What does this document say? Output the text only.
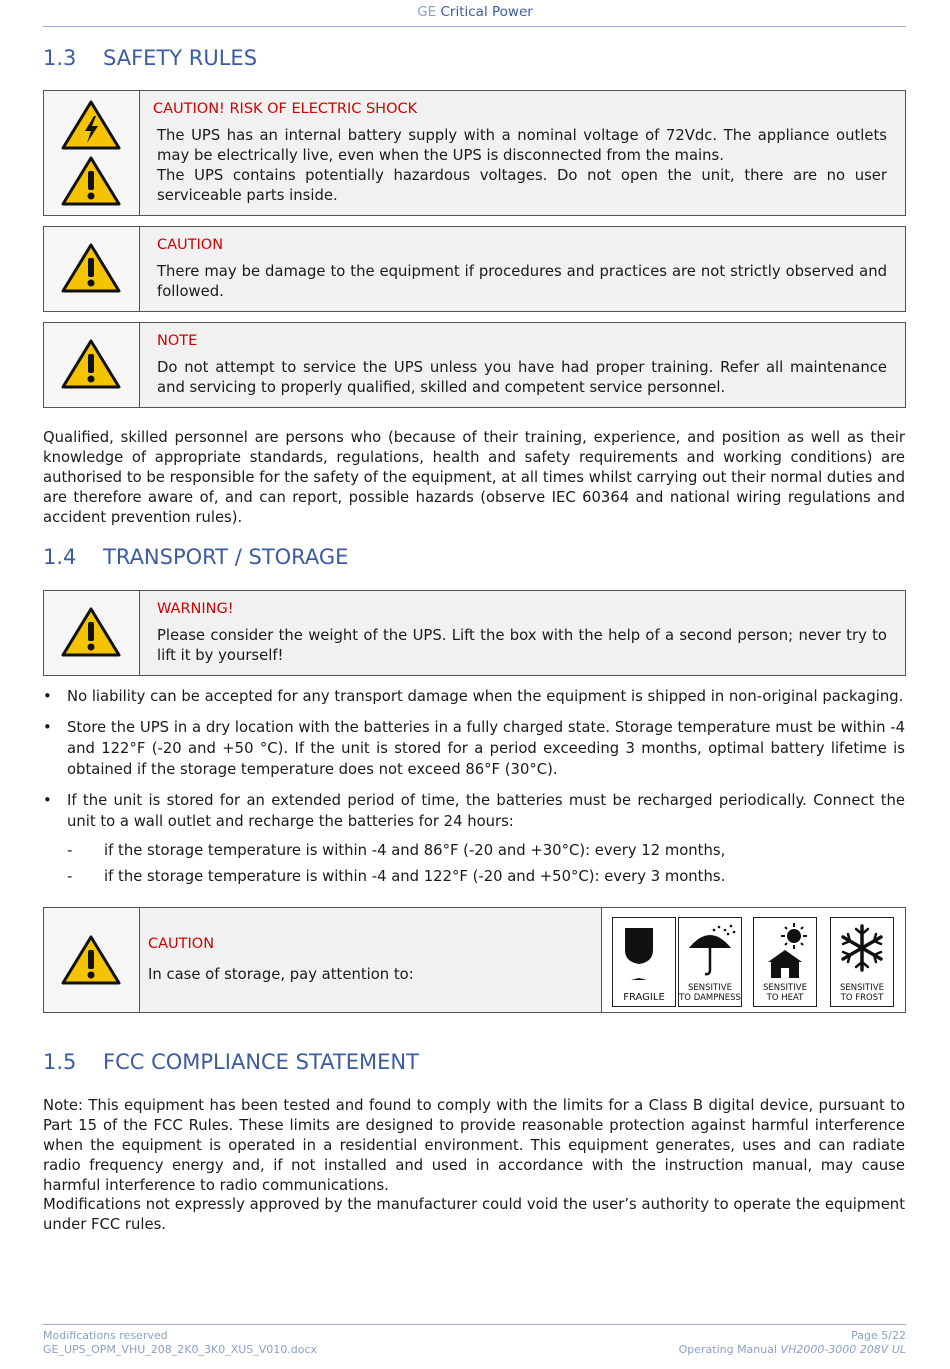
GE Critical Power
1.3 SAFETY RULES
CAUTION! RISK OF ELECTRIC SHOCK
The UPS has an internal battery supply with a nominal voltage of 72Vdc. The appliance outlets may be electrically live, even when the UPS is disconnected from the mains.
The UPS contains potentially hazardous voltages. Do not open the unit, there are no user serviceable parts inside.
CAUTION
There may be damage to the equipment if procedures and practices are not strictly observed and followed.
NOTE
Do not attempt to service the UPS unless you have had proper training. Refer all maintenance and servicing to properly qualified, skilled and competent service personnel.
Qualified, skilled personnel are persons who (because of their training, experience, and position as well as their knowledge of appropriate standards, regulations, health and safety requirements and working conditions) are authorised to be responsible for the safety of the equipment, at all times whilst carrying out their normal duties and are therefore aware of, and can report, possible hazards (observe IEC 60364 and national wiring regulations and accident prevention rules).
1.4 TRANSPORT / STORAGE
WARNING!
Please consider the weight of the UPS. Lift the box with the help of a second person; never try to lift it by yourself!
• No liability can be accepted for any transport damage when the equipment is shipped in non-original packaging.
• Store the UPS in a dry location with the batteries in a fully charged state. Storage temperature must be within -4 and 122°F (-20 and +50 °C). If the unit is stored for a period exceeding 3 months, optimal battery lifetime is obtained if the storage temperature does not exceed 86°F (30°C).
• If the unit is stored for an extended period of time, the batteries must be recharged periodically. Connect the unit to a wall outlet and recharge the batteries for 24 hours:
- if the storage temperature is within -4 and 86°F (-20 and +30°C): every 12 months,
- if the storage temperature is within -4 and 122°F (-20 and +50°C): every 3 months.
CAUTION
In case of storage, pay attention to:
FRAGILE
SENSITIVE
TO DAMPNESS
SENSITIVE
TO HEAT
SENSITIVE
TO FROST
1.5 FCC COMPLIANCE STATEMENT
Note: This equipment has been tested and found to comply with the limits for a Class B digital device, pursuant to Part 15 of the FCC Rules. These limits are designed to provide reasonable protection against harmful interference when the equipment is operated in a residential environment. This equipment generates, uses and can radiate radio frequency energy and, if not installed and used in accordance with the instruction manual, may cause harmful interference to radio communications.
Modifications not expressly approved by the manufacturer could void the user’s authority to operate the equipment under FCC rules.
Modifications reserved
GE_UPS_OPM_VHU_208_2K0_3K0_XUS_V010.docx
Page 5/22
Operating Manual VH2000-3000 208V UL
